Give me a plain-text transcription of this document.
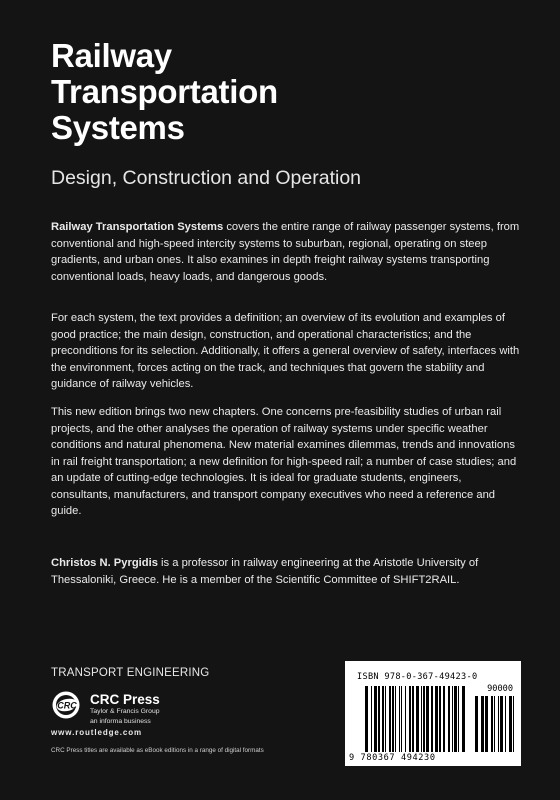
Railway
Transportation
Systems
Design, Construction and Operation

Railway Transportation Systems covers the entire range of railway passenger systems, from conventional and high-speed intercity systems to suburban, regional, operating on steep gradients, and urban ones. It also examines in depth freight railway systems transporting conventional loads, heavy loads, and dangerous goods.

For each system, the text provides a definition; an overview of its evolution and examples of good practice; the main design, construction, and operational characteristics; and the preconditions for its selection. Additionally, it offers a general overview of safety, interfaces with the environment, forces acting on the track, and techniques that govern the stability and guidance of railway vehicles.

This new edition brings two new chapters. One concerns pre-feasibility studies of urban rail projects, and the other analyses the operation of railway systems under specific weather conditions and natural phenomena. New material examines dilemmas, trends and innovations in rail freight transportation; a new definition for high-speed rail; a number of case studies; and an update of cutting-edge technologies. It is ideal for graduate students, engineers, consultants, manufacturers, and transport company executives who need a reference and guide.

Christos N. Pyrgidis is a professor in railway engineering at the Aristotle University of Thessaloniki, Greece. He is a member of the Scientific Committee of SHIFT2RAIL.

TRANSPORT ENGINEERING
CRC CRC Press
Taylor & Francis Group
an informa business
www.routledge.com
CRC Press titles are available as eBook editions in a range of digital formats
ISBN 978-0-367-49423-0
90000
9 780367 494230
